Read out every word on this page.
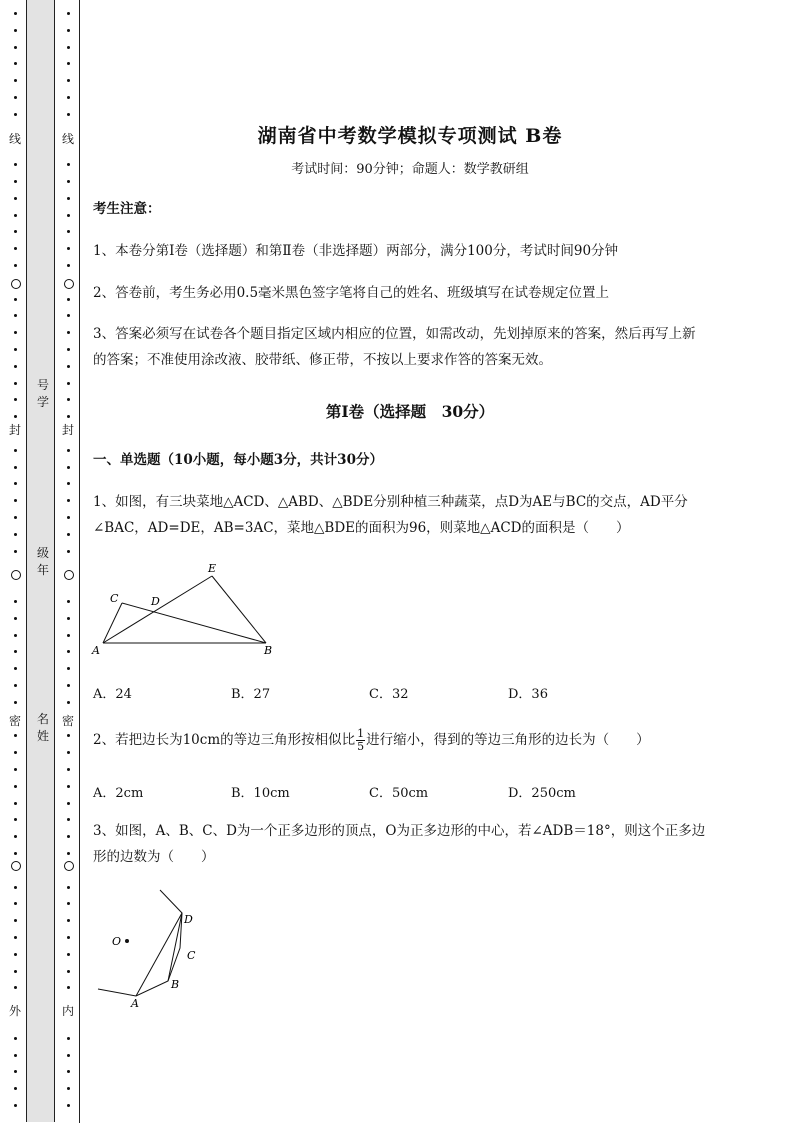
线
封
密
外
线
封
密
内
号学
级年
名姓
湖南省中考数学模拟专项测试 B卷
考试时间：90分钟；命题人：数学教研组
考生注意：
1、本卷分第Ⅰ卷（选择题）和第Ⅱ卷（非选择题）两部分，满分100分，考试时间90分钟
2、答卷前，考生务必用0.5毫米黑色签字笔将自己的姓名、班级填写在试卷规定位置上
3、答案必须写在试卷各个题目指定区域内相应的位置，如需改动，先划掉原来的答案，然后再写上新
的答案；不准使用涂改液、胶带纸、修正带，不按以上要求作答的答案无效。
第Ⅰ卷（选择题　30分）
一、单选题（10小题，每小题3分，共计30分）
1、如图，有三块菜地△ACD、△ABD、△BDE分别种植三种蔬菜，点D为AE与BC的交点，AD平分
∠BAC，AD=DE，AB=3AC，菜地△BDE的面积为96，则菜地△ACD的面积是（　　）
A	B
C	D
E
A．24	B．27	C．32	D．36
2、若把边长为10cm的等边三角形按相似比 $\frac{1}{5}$ 进行缩小，得到的等边三角形的边长为（　　）
A．2cm	B．10cm	C．50cm	D．250cm
3、如图，A、B、C、D为一个正多边形的顶点，O为正多边形的中心，若∠ADB＝18°，则这个正多边
形的边数为（　　）
O
A
B
C
D
